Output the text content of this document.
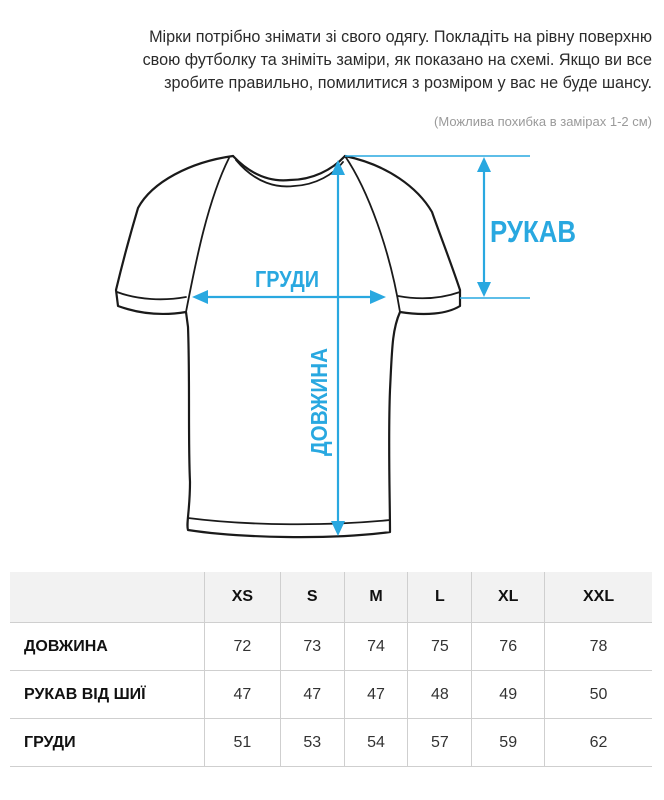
Мірки потрібно знімати зі свого одягу. Покладіть на рівну поверхню
свою футболку та зніміть заміри, як показано на схемі. Якщо ви все
зробите правильно, помилитися з розміром у вас не буде шансу.
(Можлива похибка в замірах 1-2 см)
РУКАВ
ГРУДИ
ДОВЖИНА
	XS	S	M	L	XL	XXL
ДОВЖИНА	72	73	74	75	76	78
РУКАВ ВІД ШИЇ	47	47	47	48	49	50
ГРУДИ	51	53	54	57	59	62
